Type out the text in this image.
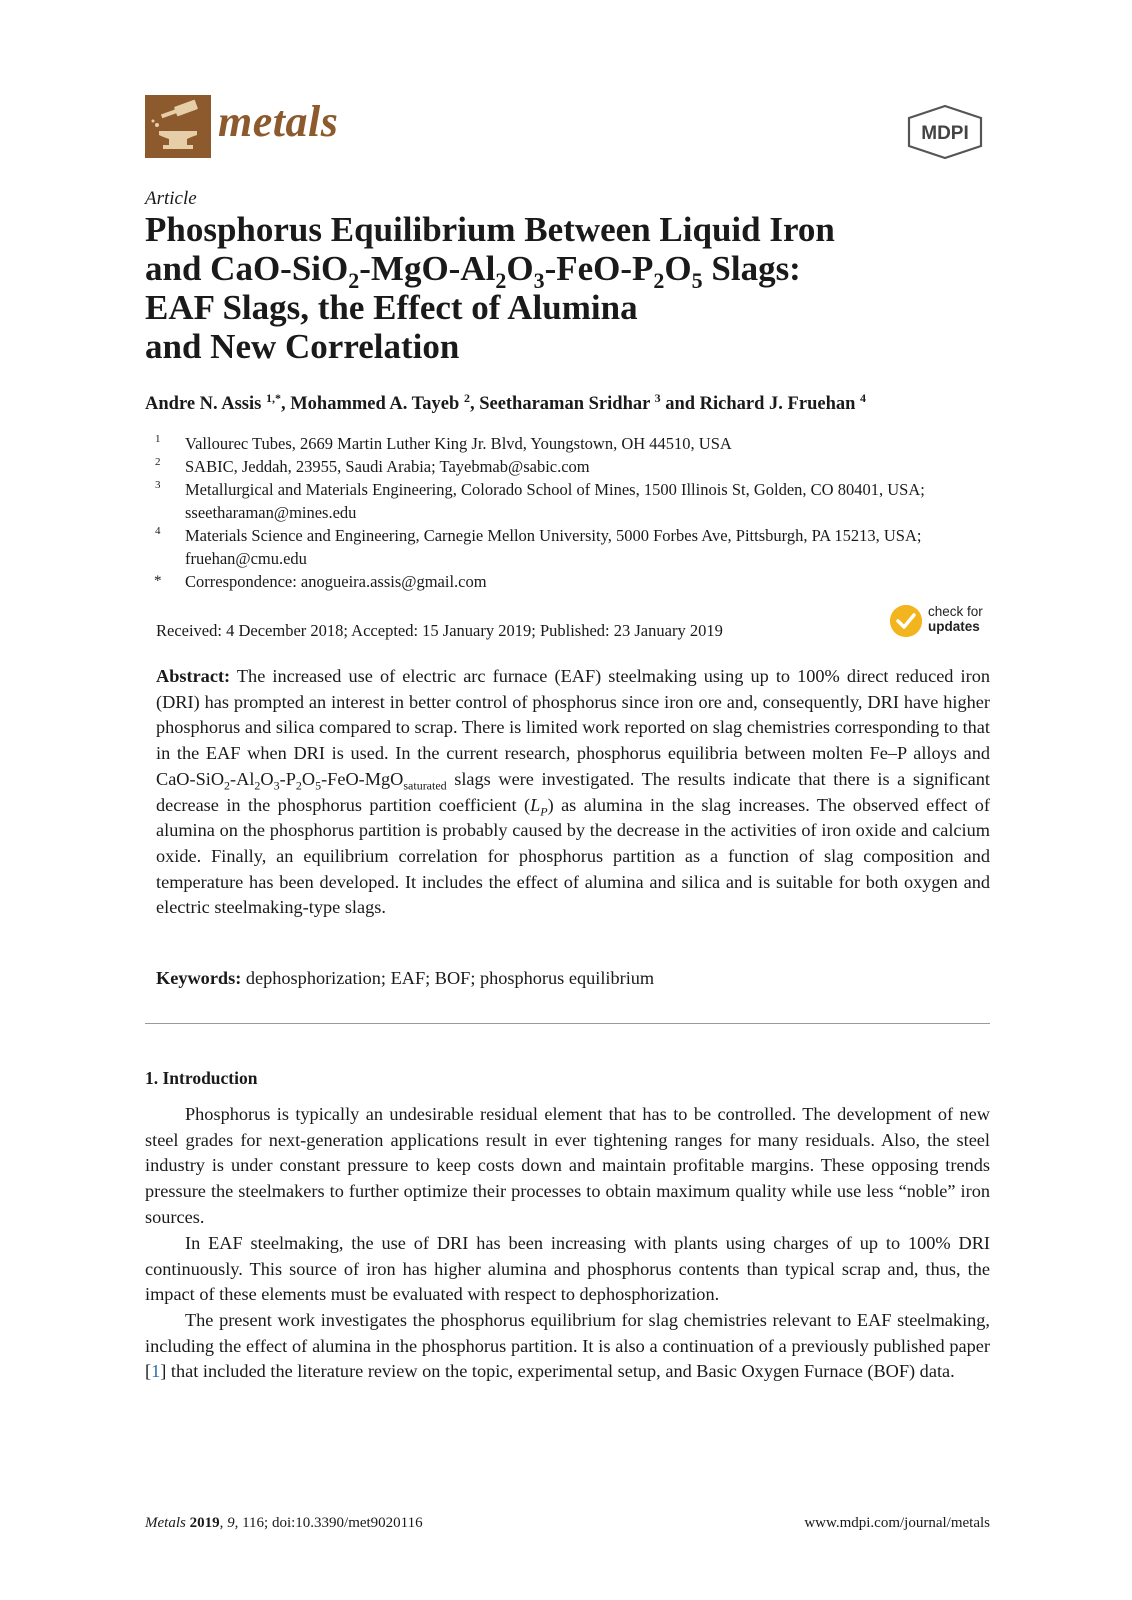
metals	MDPI
Article
Phosphorus Equilibrium Between Liquid Iron
and CaO-$SiO_2-MgO-Al_2O_3-FeO-P_2O_5$ Slags:
EAF Slags, the Effect of Alumina
and New Correlation
Andre N. Assis $^{1,*}$, Mohammed A. Tayeb $^2$, Seetharaman Sridhar $^3$ and Richard J. Fruehan $^4$
1 Vallourec Tubes, 2669 Martin Luther King Jr. Blvd, Youngstown, OH 44510, USA
2 SABIC, Jeddah, 23955, Saudi Arabia; Tayebmab@sabic.com
3 Metallurgical and Materials Engineering, Colorado School of Mines, 1500 Illinois St, Golden, CO 80401, USA; sseetharaman@mines.edu
4 Materials Science and Engineering, Carnegie Mellon University, 5000 Forbes Ave, Pittsburgh, PA 15213, USA; fruehan@cmu.edu
* Correspondence: anogueira.assis@gmail.com
Received: 4 December 2018; Accepted: 15 January 2019; Published: 23 January 2019
check for
updates
Abstract: The increased use of electric arc furnace (EAF) steelmaking using up to 100% direct reduced iron (DRI) has prompted an interest in better control of phosphorus since iron ore and, consequently, DRI have higher phosphorus and silica compared to scrap. There is limited work reported on slag chemistries corresponding to that in the EAF when DRI is used. In the current research, phosphorus equilibria between molten Fe–P alloys and CaO-$SiO_2-Al_2O_3-P_2O_5-FeO-MgO_{saturated}$ slags were investigated. The results indicate that there is a significant decrease in the phosphorus partition coefficient $(L_P)$ as alumina in the slag increases. The observed effect of alumina on the phosphorus partition is probably caused by the decrease in the activities of iron oxide and calcium oxide. Finally, an equilibrium correlation for phosphorus partition as a function of slag composition and temperature has been developed. It includes the effect of alumina and silica and is suitable for both oxygen and electric steelmaking-type slags.
Keywords: dephosphorization; EAF; BOF; phosphorus equilibrium
1. Introduction
Phosphorus is typically an undesirable residual element that has to be controlled. The development of new steel grades for next-generation applications result in ever tightening ranges for many residuals. Also, the steel industry is under constant pressure to keep costs down and maintain profitable margins. These opposing trends pressure the steelmakers to further optimize their processes to obtain maximum quality while use less “noble” iron sources.
In EAF steelmaking, the use of DRI has been increasing with plants using charges of up to 100% DRI continuously. This source of iron has higher alumina and phosphorus contents than typical scrap and, thus, the impact of these elements must be evaluated with respect to dephosphorization.
The present work investigates the phosphorus equilibrium for slag chemistries relevant to EAF steelmaking, including the effect of alumina in the phosphorus partition. It is also a continuation of a previously published paper [1] that included the literature review on the topic, experimental setup, and Basic Oxygen Furnace (BOF) data.
Metals 2019, 9, 116; doi:10.3390/met9020116	www.mdpi.com/journal/metals
